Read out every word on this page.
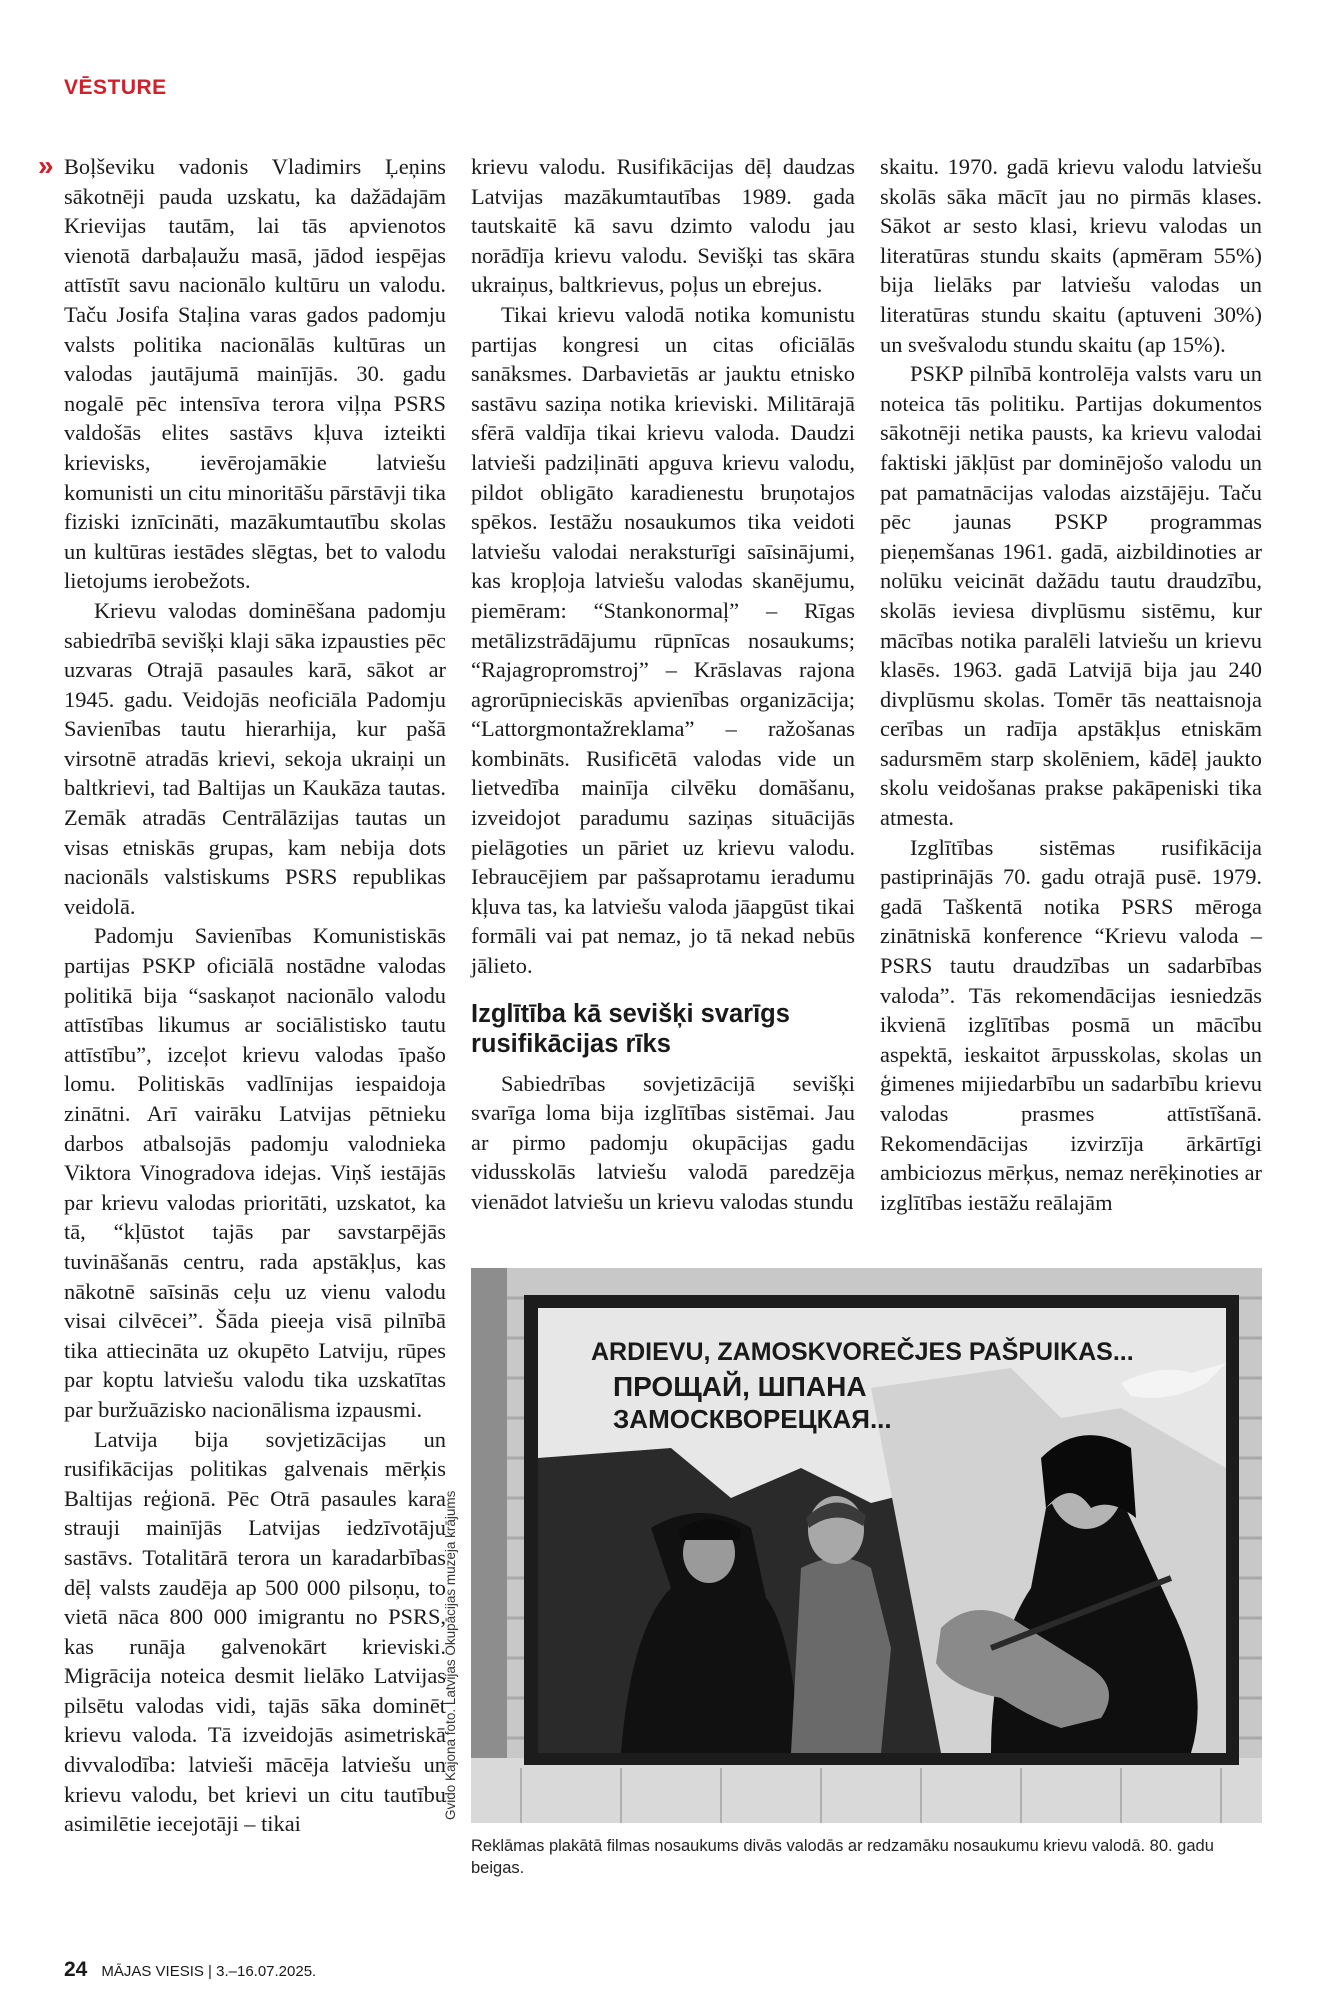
VĒSTURE
» Boļševiku vadonis Vladimirs Ļeņins sākotnēji pauda uzskatu, ka dažādajām Krievijas tautām, lai tās apvienotos vienotā darbaļaužu masā, jādod iespējas attīstīt savu nacionālo kultūru un valodu. Taču Josifa Staļina varas gados padomju valsts politika nacionālās kultūras un valodas jautājumā mainījās. 30. gadu nogalē pēc intensīva terora viļņa PSRS valdošās elites sastāvs kļuva izteikti krievisks, ievērojamākie latviešu komunisti un citu minoritāšu pārstāvji tika fiziski iznīcināti, mazākumtautību skolas un kultūras iestādes slēgtas, bet to valodu lietojums ierobežots.

Krievu valodas dominēšana padomju sabiedrībā sevišķi klaji sāka izpausties pēc uzvaras Otrajā pasaules karā, sākot ar 1945. gadu. Veidojās neoficiāla Padomju Savienības tautu hierarhija, kur pašā virsotnē atradās krievi, sekoja ukraiņi un baltkrievi, tad Baltijas un Kaukāza tautas. Zemāk atradās Centrālāzijas tautas un visas etniskās grupas, kam nebija dots nacionāls valstiskums PSRS republikas veidolā.

Padomju Savienības Komunistiskās partijas PSKP oficiālā nostādne valodas politikā bija “saskaņot nacionālo valodu attīstības likumus ar sociālistisko tautu attīstību”, izceļot krievu valodas īpašo lomu. Politiskās vadlīnijas iespaidoja zinātni. Arī vairāku Latvijas pētnieku darbos atbalsojās padomju valodnieka Viktora Vinogradova idejas. Viņš iestājās par krievu valodas prioritāti, uzskatot, ka tā, “kļūstot tajās par savstarpējās tuvināšanās centru, rada apstākļus, kas nākotnē saīsinās ceļu uz vienu valodu visai cilvēcei”. Šāda pieeja visā pilnībā tika attiecināta uz okupēto Latviju, rūpes par koptu latviešu valodu tika uzskatītas par buržuāzisko nacionālisma izpausmi.

Latvija bija sovjetizācijas un rusifikācijas politikas galvenais mērķis Baltijas reģionā. Pēc Otrā pasaules kara strauji mainījās Latvijas iedzīvotāju sastāvs. Totalitārā terora un karadarbības dēļ valsts zaudēja ap 500 000 pilsoņu, to vietā nāca 800 000 imigrantu no PSRS, kas runāja galvenokārt krieviski. Migrācija noteica desmit lielāko Latvijas pilsētu valodas vidi, tajās sāka dominēt krievu valoda. Tā izveidojās asimetriskā divvalodība: latvieši mācēja latviešu un krievu valodu, bet krievi un citu tautību asimilētie iecejotāji – tikai

krievu valodu. Rusifikācijas dēļ daudzas Latvijas mazākumtautības 1989. gada tautskaitē kā savu dzimto valodu jau norādīja krievu valodu. Sevišķi tas skāra ukraiņus, baltkrievus, poļus un ebrejus.

Tikai krievu valodā notika komunistu partijas kongresi un citas oficiālās sanāksmes. Darbavietās ar jauktu etnisko sastāvu saziņa notika krieviski. Militārajā sfērā valdīja tikai krievu valoda. Daudzi latvieši padziļināti apguva krievu valodu, pildot obligāto karadienestu bruņotajos spēkos. Iestāžu nosaukumos tika veidoti latviešu valodai neraksturīgi saīsinājumi, kas kropļoja latviešu valodas skanējumu, piemēram: “Stankonormaļ” – Rīgas metālizstrādājumu rūpnīcas nosaukums; “Rajagropromstroj” – Krāslavas rajona agrorūpnieciskās apvienības organizācija; “Lattorgmontažreklama” – ražošanas kombināts. Rusificētā valodas vide un lietvedība mainīja cilvēku domāšanu, izveidojot paradumu saziņas situācijās pielāgoties un pāriet uz krievu valodu. Iebraucējiem par pašsaprotamu ieradumu kļuva tas, ka latviešu valoda jāapgūst tikai formāli vai pat nemaz, jo tā nekad nebūs jālieto.

Izglītība kā sevišķi svarīgs rusifikācijas rīks

Sabiedrības sovjetizācijā sevišķi svarīga loma bija izglītības sistēmai. Jau ar pirmo padomju okupācijas gadu vidusskolās latviešu valodā paredzēja vienādot latviešu un krievu valodas stundu

skaitu. 1970. gadā krievu valodu latviešu skolās sāka mācīt jau no pirmās klases. Sākot ar sesto klasi, krievu valodas un literatūras stundu skaits (apmēram 55%) bija lielāks par latviešu valodas un literatūras stundu skaitu (aptuveni 30%) un svešvalodu stundu skaitu (ap 15%).

PSKP pilnībā kontrolēja valsts varu un noteica tās politiku. Partijas dokumentos sākotnēji netika pausts, ka krievu valodai faktiski jākļūst par dominējošo valodu un pat pamatnācijas valodas aizstājēju. Taču pēc jaunas PSKP programmas pieņemšanas 1961. gadā, aizbildinoties ar nolūku veicināt dažādu tautu draudzību, skolās ieviesa divplūsmu sistēmu, kur mācības notika paralēli latviešu un krievu klasēs. 1963. gadā Latvijā bija jau 240 divplūsmu skolas. Tomēr tās neattaisnoja cerības un radīja apstākļus etniskām sadursmēm starp skolēniem, kādēļ jaukto skolu veidošanas prakse pakāpeniski tika atmesta.

Izglītības sistēmas rusifikācija pastiprinājās 70. gadu otrajā pusē. 1979. gadā Taškentā notika PSRS mēroga zinātniskā konference “Krievu valoda – PSRS tautu draudzības un sadarbības valoda”. Tās rekomendācijas iesniedzās ikvienā izglītības posmā un mācību aspektā, ieskaitot ārpusskolas, skolas un ģimenes mijiedarbību un sadarbību krievu valodas prasmes attīstīšanā. Rekomendācijas izvirzīja ārkārtīgi ambiciozus mērķus, nemaz nerēķinoties ar izglītības iestāžu reālajām

ARDIEVU, ZAMOSKVOREČJES PAŠPUIKAS...
ПРОЩАЙ, ШПАНА
ЗАМОСКВОРЕЦКАЯ...
Gvido Kajona foto. Latvijas Okupācijas muzeja krājums
Reklāmas plakātā filmas nosaukums divās valodās ar redzamāku nosaukumu krievu valodā. 80. gadu beigas.
24 MĀJAS VIESIS | 3.–16.07.2025.
